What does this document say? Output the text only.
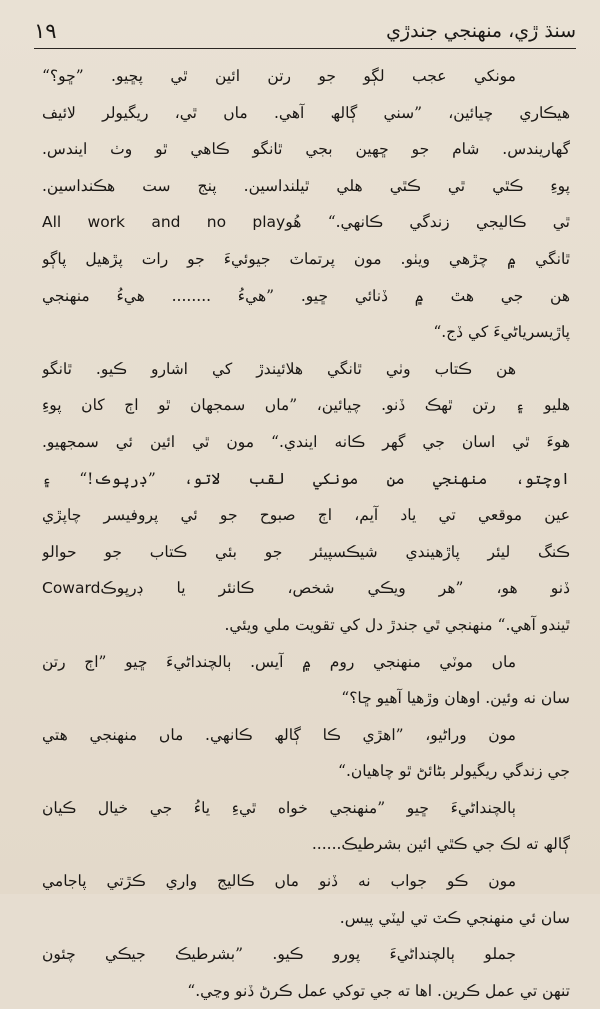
١٩	سنڌ ڙي، منهنجي جندڙي
مونکي عجب لڳو جو رتن ائين ٿي پڇيو. ”ڇو؟“
هيڪاري چيائين، ”سني ڳالھ آهي. ماں ٿي، ريگيولر لائيف
گهاريندس. شام جو ڇهين بجي ٿانگو ڪاهي ٿو وٺ ايندس.
پوءِ ڪٿي ٿي ڪٿي هلي ٿيلنداسين. پنج ست هڪنداسين.
ٿي ڪاليجي زندگي ڪانهي.“ هُوAll work and no play
ٿانگي ۾ چڙهي ويٺو. مون پرتماٽ جيوئيءَ جو رات پڙهيل پاڳو
هن جي هٿ ۾ ڏنائي ڇيو. ”هيءُ ........ هيءُ منهنجي
پاڙيسرياڻيءَ کي ڏج.“
هن ڪتاب وٺي ٿانگي هلائيندڙ کي اشارو ڪيو. ٿانگو
هليو ۽ رتن ٿهڪ ڏنو. چيائين، ”ماں سمجهان ٿو اڄ کان پوءِ
هوءَ ٿي اسان جي گهر ڪانه ايندي.“ مون ٿي ائين ئي سمجھيو.
اوچتو، منهنجي من مونکي لقب لاتو، ”ڊرپوڪ!“ ۽
عين موقعي تي ياد آيم، اڄ صبوح جو ئي پروفيسر چاپڙي
ڪنگ ليئر پاڙهيندي شيڪسپيئر جو بئي ڪتاب جو حوالو
ڏنو هو، ”هر ويڪي شخص، ڪانئر يا ڊرپوڪCoward
ٿيندو آهي.“ منهنجي ٿي جندڙ دل کي تقويت ملي ويئي.
ماں موٽي منهنجي روم ۾ آيس. ٻالچنداڻيءَ ڇيو ”اڄ رتن
سان نه وئين. اوهان وڙهيا آهيو ڇا؟“
مون وراڻيو، ”اهڙي ڪا ڳالھ ڪانهي. ماں منهنجي هتي
جي زندگي ريگيولر بڻائڻ ٿو چاهيان.“
ٻالچنداڻيءَ ڇيو ”منهنجي خواه ٿيءِ ياءُ جي خيال ڪيان
ڳالھ ته لڪ جي ڪٿي ائين بشرطيڪ......
مون ڪو جواب نه ڏنو ماں ڪاليج واري ڪڙتي پاجامي
سان ئي منهنجي ڪٽ تي ليٽي پيس.
جملو ٻالچنداڻيءَ پورو ڪيو. ”بشرطيڪ جيڪي چئون
تنهن تي عمل ڪرين. اها ته جي توکي عمل ڪرڻ ڏنو وڃي.“
